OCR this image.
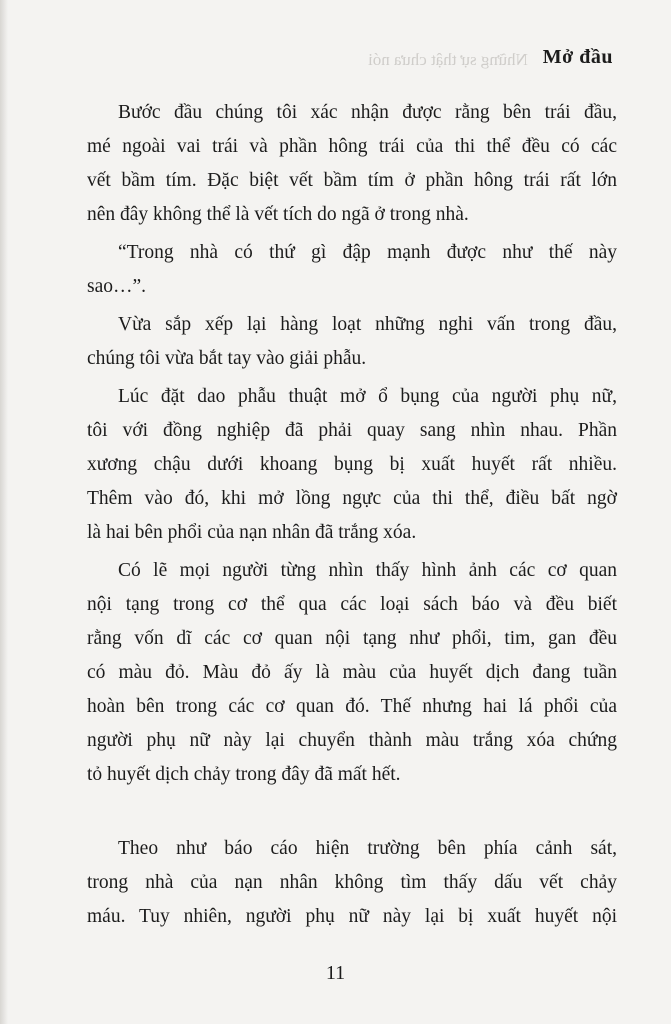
Những sự thật chưa nói Mở đầu
Bước đầu chúng tôi xác nhận được rằng bên trái đầu,
mé ngoài vai trái và phần hông trái của thi thể đều có các
vết bầm tím. Đặc biệt vết bầm tím ở phần hông trái rất lớn
nên đây không thể là vết tích do ngã ở trong nhà.
“Trong nhà có thứ gì đập mạnh được như thế này
sao…”.
Vừa sắp xếp lại hàng loạt những nghi vấn trong đầu,
chúng tôi vừa bắt tay vào giải phẫu.
Lúc đặt dao phẫu thuật mở ổ bụng của người phụ nữ,
tôi với đồng nghiệp đã phải quay sang nhìn nhau. Phần
xương chậu dưới khoang bụng bị xuất huyết rất nhiều.
Thêm vào đó, khi mở lồng ngực của thi thể, điều bất ngờ
là hai bên phổi của nạn nhân đã trắng xóa.
Có lẽ mọi người từng nhìn thấy hình ảnh các cơ quan
nội tạng trong cơ thể qua các loại sách báo và đều biết
rằng vốn dĩ các cơ quan nội tạng như phổi, tim, gan đều
có màu đỏ. Màu đỏ ấy là màu của huyết dịch đang tuần
hoàn bên trong các cơ quan đó. Thế nhưng hai lá phổi của
người phụ nữ này lại chuyển thành màu trắng xóa chứng
tỏ huyết dịch chảy trong đây đã mất hết.
Theo như báo cáo hiện trường bên phía cảnh sát,
trong nhà của nạn nhân không tìm thấy dấu vết chảy
máu. Tuy nhiên, người phụ nữ này lại bị xuất huyết nội
11
